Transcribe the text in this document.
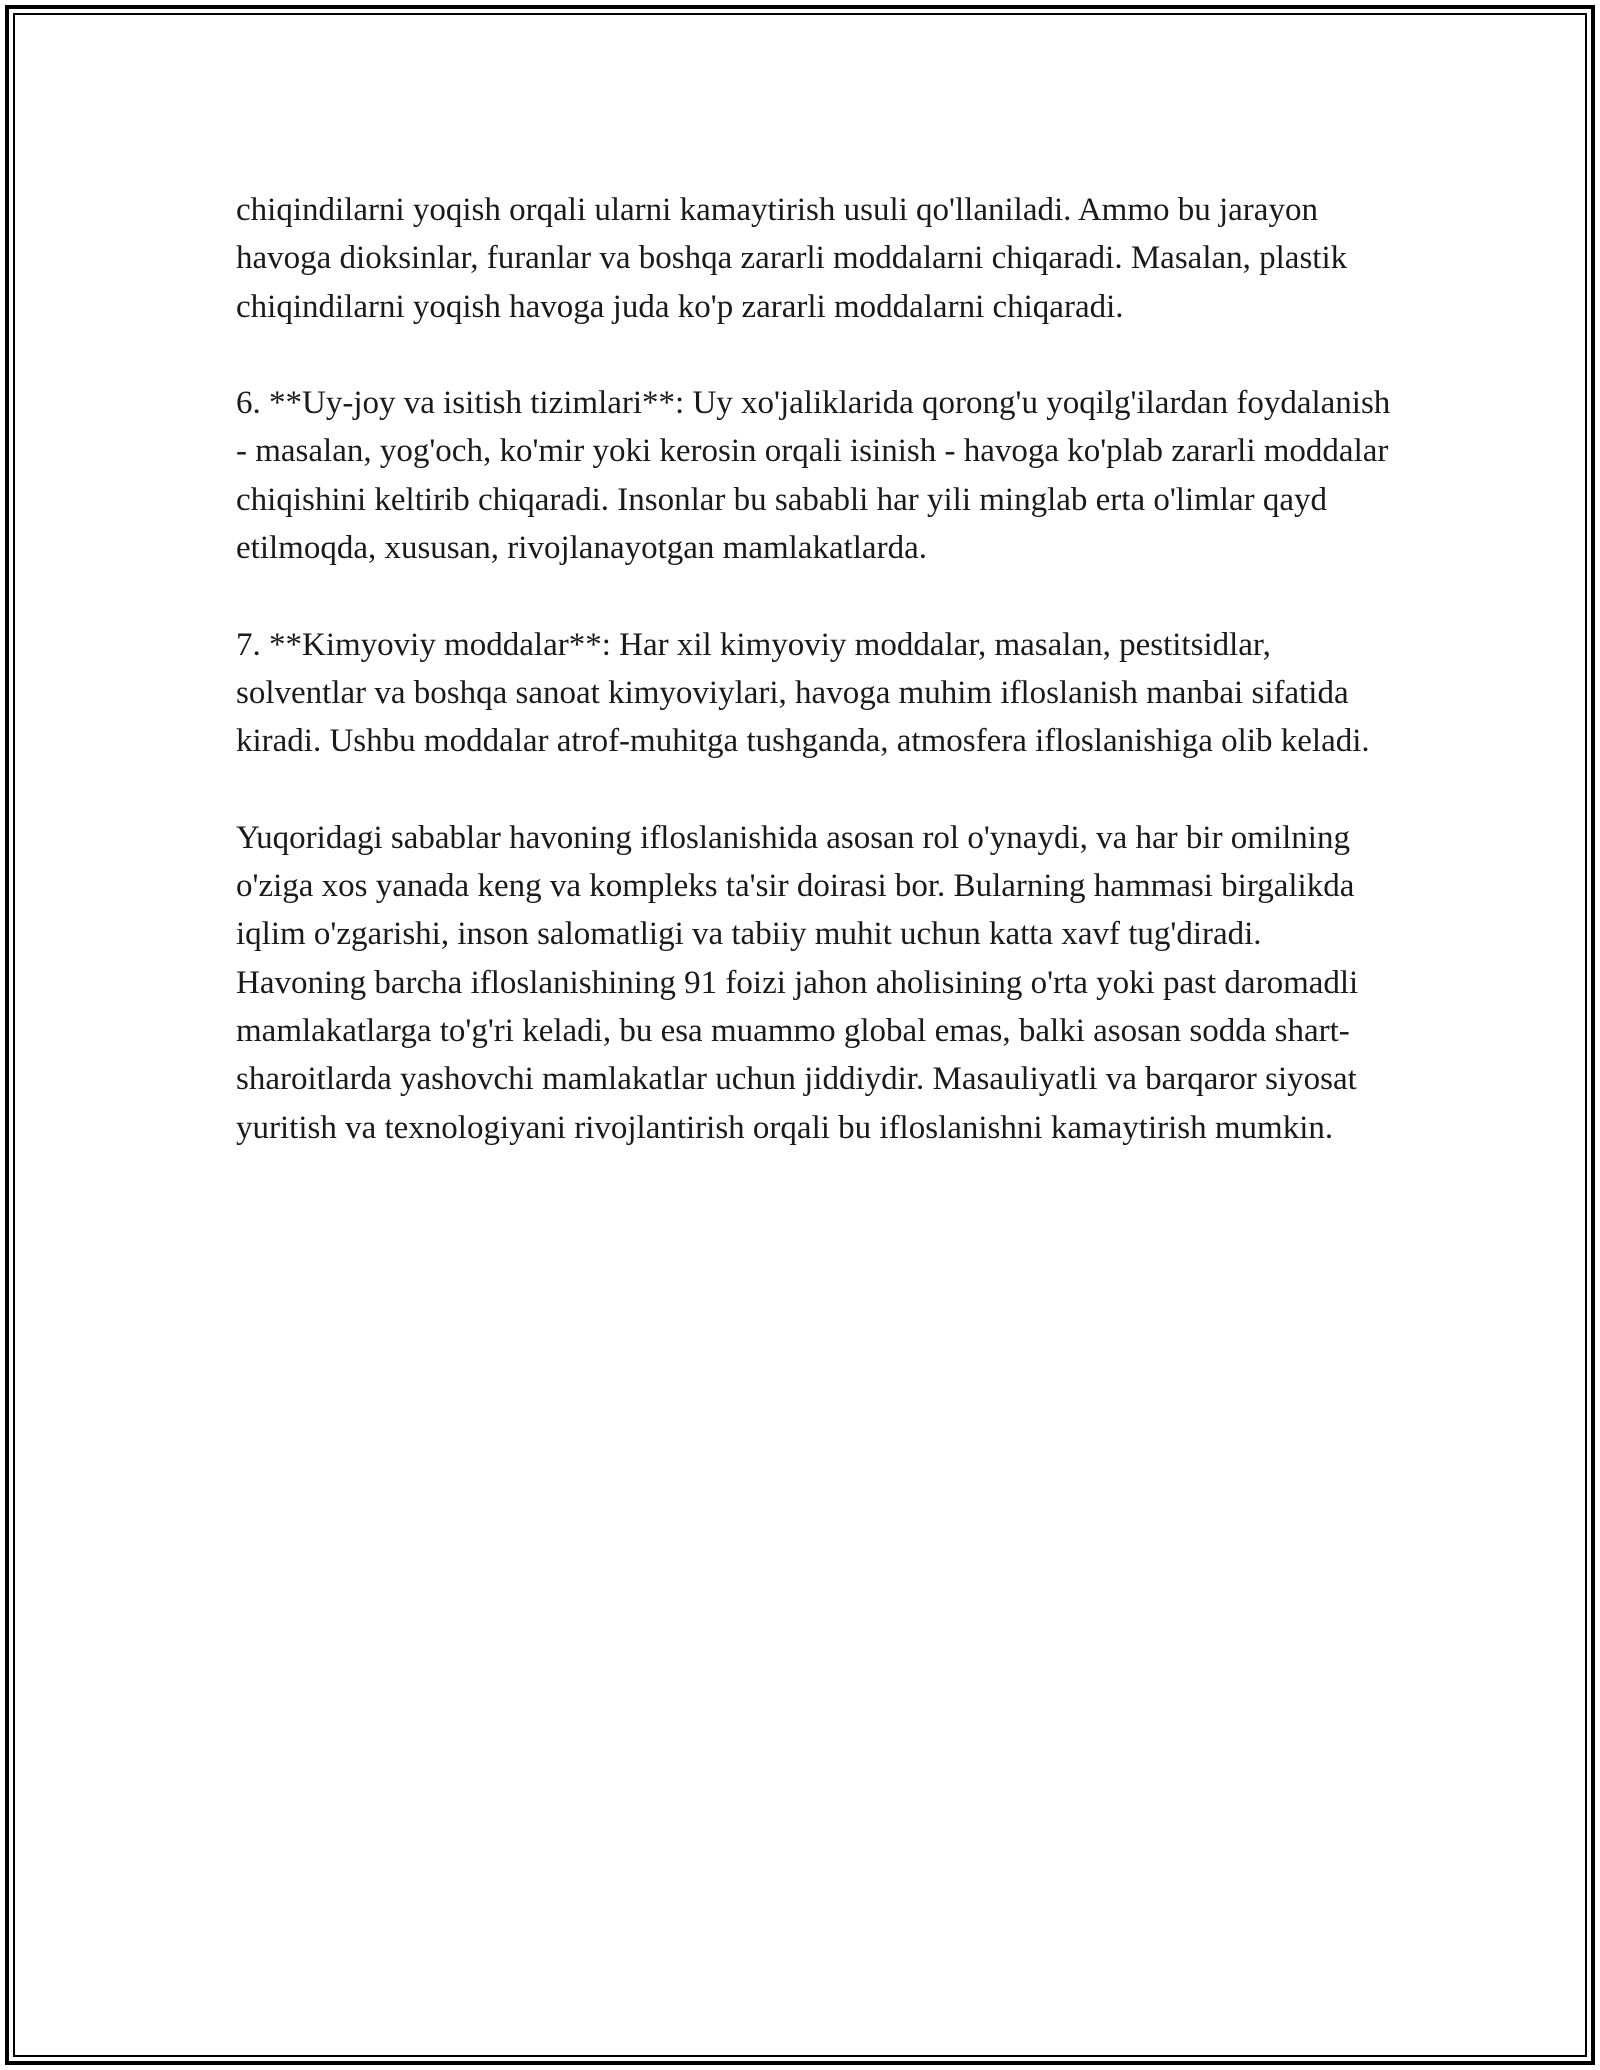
chiqindilarni yoqish orqali ularni kamaytirish usuli qo'llaniladi. Ammo bu jarayon havoga dioksinlar, furanlar va boshqa zararli moddalarni chiqaradi. Masalan, plastik chiqindilarni yoqish havoga juda ko'p zararli moddalarni chiqaradi.

6. **Uy-joy va isitish tizimlari**: Uy xo'jaliklarida qorong'u yoqilg'ilardan foydalanish - masalan, yog'och, ko'mir yoki kerosin orqali isinish - havoga ko'plab zararli moddalar chiqishini keltirib chiqaradi. Insonlar bu sababli har yili minglab erta o'limlar qayd etilmoqda, xususan, rivojlanayotgan mamlakatlarda.

7. **Kimyoviy moddalar**: Har xil kimyoviy moddalar, masalan, pestitsidlar, solventlar va boshqa sanoat kimyoviylari, havoga muhim ifloslanish manbai sifatida kiradi. Ushbu moddalar atrof-muhitga tushganda, atmosfera ifloslanishiga olib keladi.

Yuqoridagi sabablar havoning ifloslanishida asosan rol o'ynaydi, va har bir omilning o'ziga xos yanada keng va kompleks ta'sir doirasi bor. Bularning hammasi birgalikda iqlim o'zgarishi, inson salomatligi va tabiiy muhit uchun katta xavf tug'diradi. Havoning barcha ifloslanishining 91 foizi jahon aholisining o'rta yoki past daromadli mamlakatlarga to'g'ri keladi, bu esa muammo global emas, balki asosan sodda shart-sharoitlarda yashovchi mamlakatlar uchun jiddiydir. Masauliyatli va barqaror siyosat yuritish va texnologiyani rivojlantirish orqali bu ifloslanishni kamaytirish mumkin.
